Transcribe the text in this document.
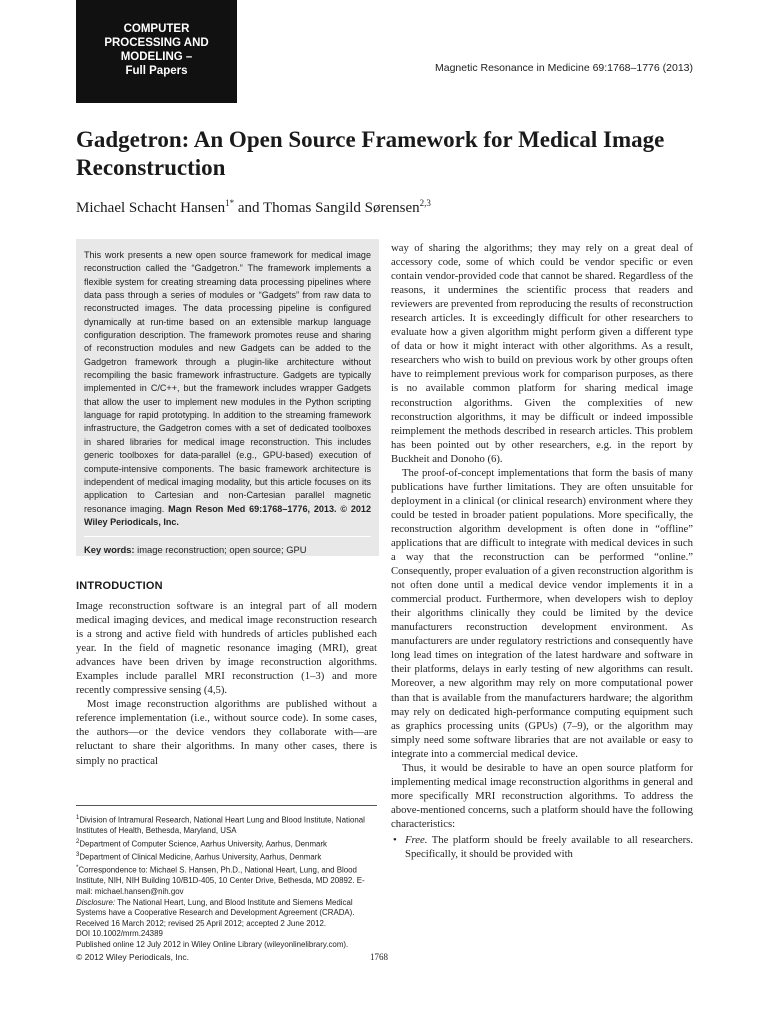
COMPUTER
PROCESSING AND
MODELING –
Full Papers	Magnetic Resonance in Medicine 69:1768–1776 (2013)
Gadgetron: An Open Source Framework for Medical Image Reconstruction

Michael Schacht Hansen$^{1*}$ and Thomas Sangild Sørensen$^{2,3}$

This work presents a new open source framework for medical image reconstruction called the “Gadgetron.” The framework implements a flexible system for creating streaming data processing pipelines where data pass through a series of modules or “Gadgets” from raw data to reconstructed images. The data processing pipeline is configured dynamically at run-time based on an extensible markup language configuration description. The framework promotes reuse and sharing of reconstruction modules and new Gadgets can be added to the Gadgetron framework through a plugin-like architecture without recompiling the basic framework infrastructure. Gadgets are typically implemented in C/C++, but the framework includes wrapper Gadgets that allow the user to implement new modules in the Python scripting language for rapid prototyping. In addition to the streaming framework infrastructure, the Gadgetron comes with a set of dedicated toolboxes in shared libraries for medical image reconstruction. This includes generic toolboxes for data-parallel (e.g., GPU-based) execution of compute-intensive components. The basic framework architecture is independent of medical imaging modality, but this article focuses on its application to Cartesian and non-Cartesian parallel magnetic resonance imaging. Magn Reson Med 69:1768–1776, 2013. © 2012 Wiley Periodicals, Inc.

Key words: image reconstruction; open source; GPU

INTRODUCTION

Image reconstruction software is an integral part of all modern medical imaging devices, and medical image reconstruction research is a strong and active field with hundreds of articles published each year. In the field of magnetic resonance imaging (MRI), great advances have been driven by image reconstruction algorithms. Examples include parallel MRI reconstruction (1–3) and more recently compressive sensing (4,5).

Most image reconstruction algorithms are published without a reference implementation (i.e., without source code). In some cases, the authors—or the device vendors they collaborate with—are reluctant to share their algorithms. In many other cases, there is simply no practical

$^1$Division of Intramural Research, National Heart Lung and Blood Institute, National Institutes of Health, Bethesda, Maryland, USA
$^2$Department of Computer Science, Aarhus University, Aarhus, Denmark
$^3$Department of Clinical Medicine, Aarhus University, Aarhus, Denmark
*Correspondence to: Michael S. Hansen, Ph.D., National Heart, Lung, and Blood Institute, NIH, NIH Building 10/B1D-405, 10 Center Drive, Bethesda, MD 20892. E-mail: michael.hansen@nih.gov
Disclosure: The National Heart, Lung, and Blood Institute and Siemens Medical Systems have a Cooperative Research and Development Agreement (CRADA).
Received 16 March 2012; revised 25 April 2012; accepted 2 June 2012.
DOI 10.1002/mrm.24389
Published online 12 July 2012 in Wiley Online Library (wileyonlinelibrary.com).
© 2012 Wiley Periodicals, Inc.	1768

way of sharing the algorithms; they may rely on a great deal of accessory code, some of which could be vendor specific or even contain vendor-provided code that cannot be shared. Regardless of the reasons, it undermines the scientific process that readers and reviewers are prevented from reproducing the results of reconstruction research articles. It is exceedingly difficult for other researchers to evaluate how a given algorithm might perform given a different type of data or how it might interact with other algorithms. As a result, researchers who wish to build on previous work by other groups often have to reimplement previous work for comparison purposes, as there is no available common platform for sharing medical image reconstruction algorithms. Given the complexities of new reconstruction algorithms, it may be difficult or indeed impossible reimplement the methods described in research articles. This problem has been pointed out by other researchers, e.g. in the report by Buckheit and Donoho (6).

The proof-of-concept implementations that form the basis of many publications have further limitations. They are often unsuitable for deployment in a clinical (or clinical research) environment where they could be tested in broader patient populations. More specifically, the reconstruction algorithm development is often done in “offline” applications that are difficult to integrate with medical devices in such a way that the reconstruction can be performed “online.” Consequently, proper evaluation of a given reconstruction algorithm is not often done until a medical device vendor implements it in a commercial product. Furthermore, when developers wish to deploy their algorithms clinically they could be limited by the device manufacturers reconstruction development environment. As manufacturers are under regulatory restrictions and consequently have long lead times on integration of the latest hardware and software in their platforms, delays in early testing of new algorithms can result. Moreover, a new algorithm may rely on more computational power than that is available from the manufacturers hardware; the algorithm may rely on dedicated high-performance computing equipment such as graphics processing units (GPUs) (7–9), or the algorithm may simply need some software libraries that are not available or easy to integrate into a commercial medical device.

Thus, it would be desirable to have an open source platform for implementing medical image reconstruction algorithms in general and more specifically MRI reconstruction algorithms. To address the above-mentioned concerns, such a platform should have the following characteristics:

• Free. The platform should be freely available to all researchers. Specifically, it should be provided with
